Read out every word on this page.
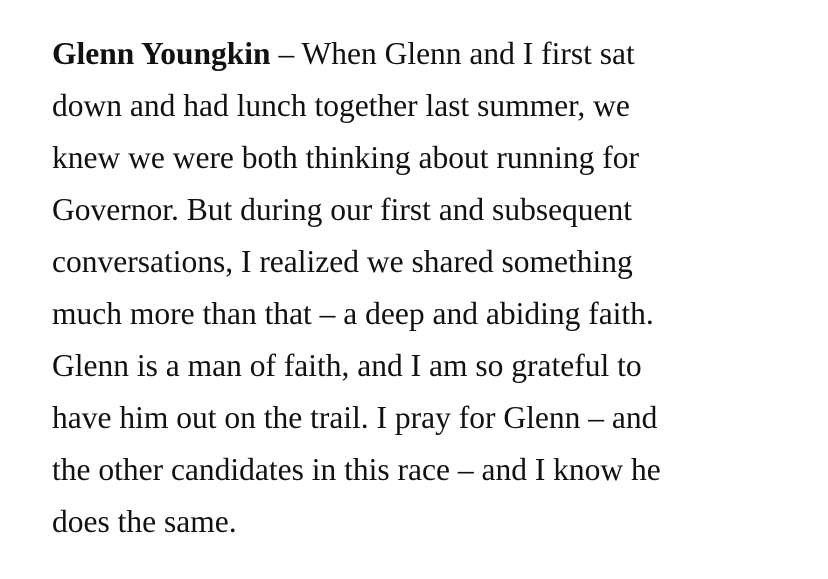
Glenn Youngkin – When Glenn and I first sat
down and had lunch together last summer, we
knew we were both thinking about running for
Governor. But during our first and subsequent
conversations, I realized we shared something
much more than that – a deep and abiding faith.
Glenn is a man of faith, and I am so grateful to
have him out on the trail. I pray for Glenn – and
the other candidates in this race – and I know he
does the same.
